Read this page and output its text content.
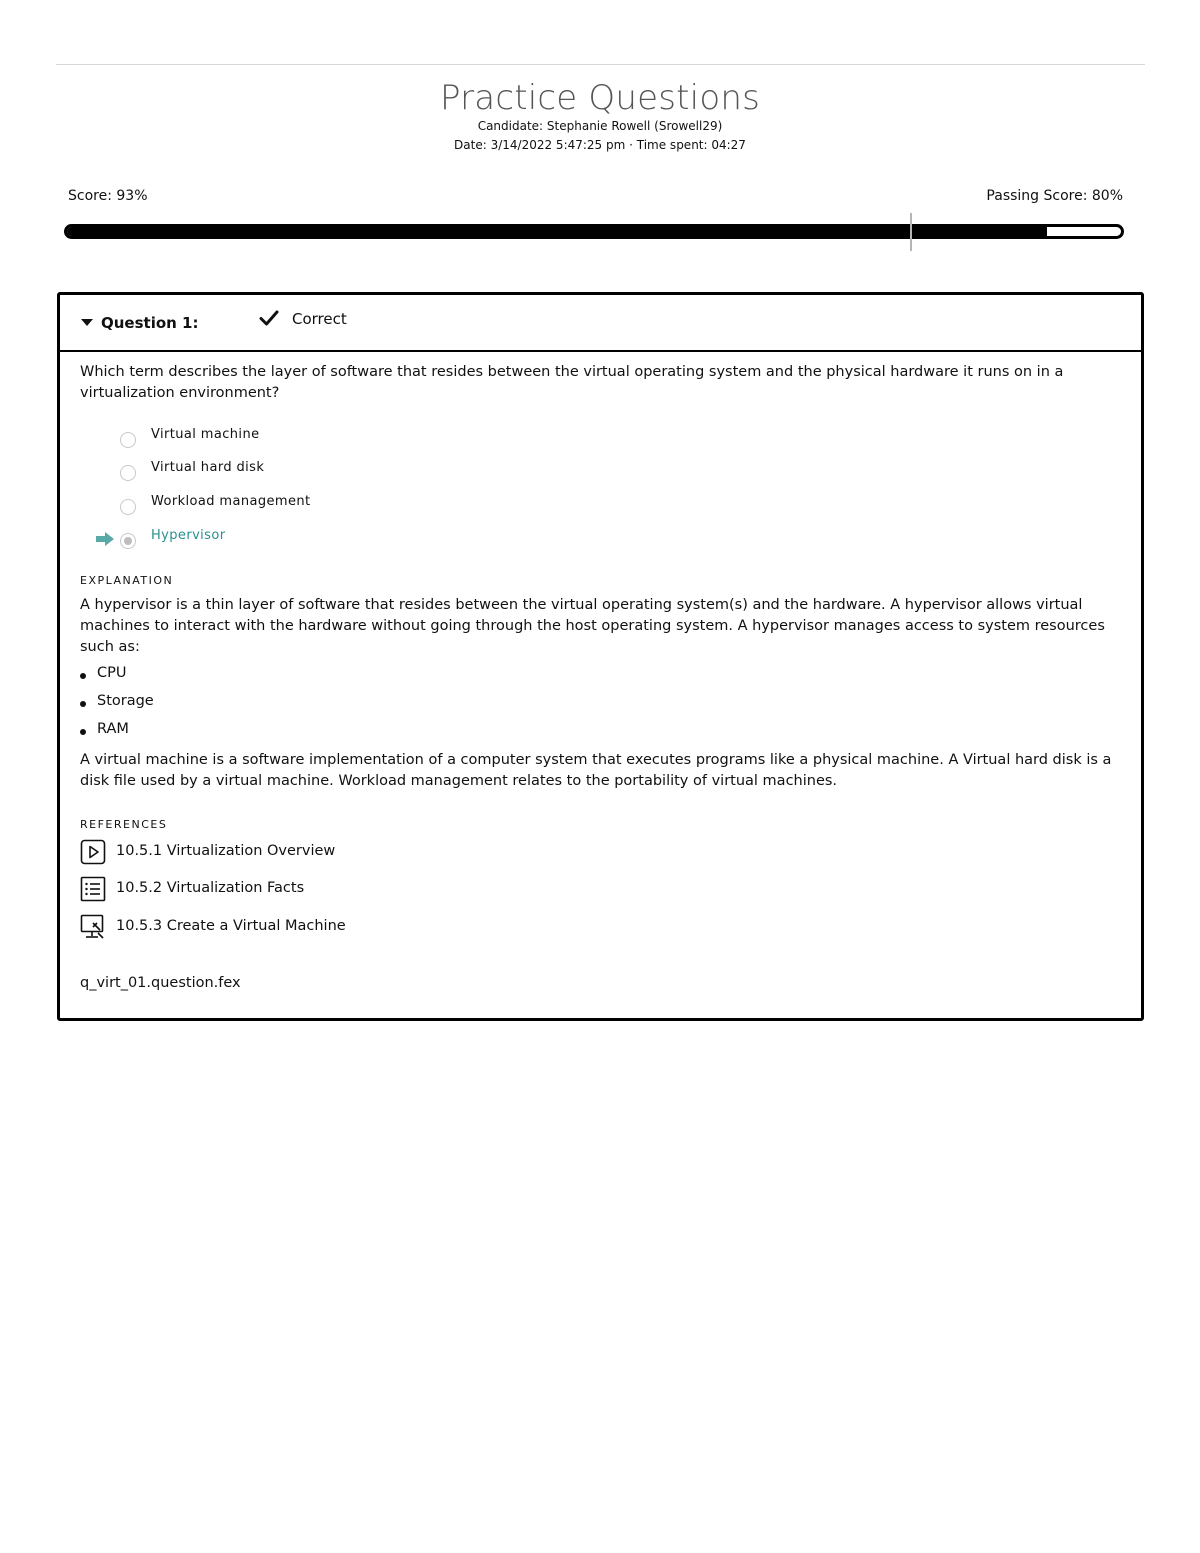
Practice Questions
Candidate: Stephanie Rowell (Srowell29)
Date: 3/14/2022 5:47:25 pm · Time spent: 04:27
Score: 93%	Passing Score: 80%
Question 1:	Correct
Which term describes the layer of software that resides between the virtual operating system and the physical hardware it runs on in a virtualization environment?
Virtual machine
Virtual hard disk
Workload management
Hypervisor
EXPLANATION
A hypervisor is a thin layer of software that resides between the virtual operating system(s) and the hardware. A hypervisor allows virtual machines to interact with the hardware without going through the host operating system. A hypervisor manages access to system resources such as:
CPU
Storage
RAM
A virtual machine is a software implementation of a computer system that executes programs like a physical machine. A Virtual hard disk is a disk file used by a virtual machine. Workload management relates to the portability of virtual machines.
REFERENCES
10.5.1 Virtualization Overview
10.5.2 Virtualization Facts
10.5.3 Create a Virtual Machine
q_virt_01.question.fex
